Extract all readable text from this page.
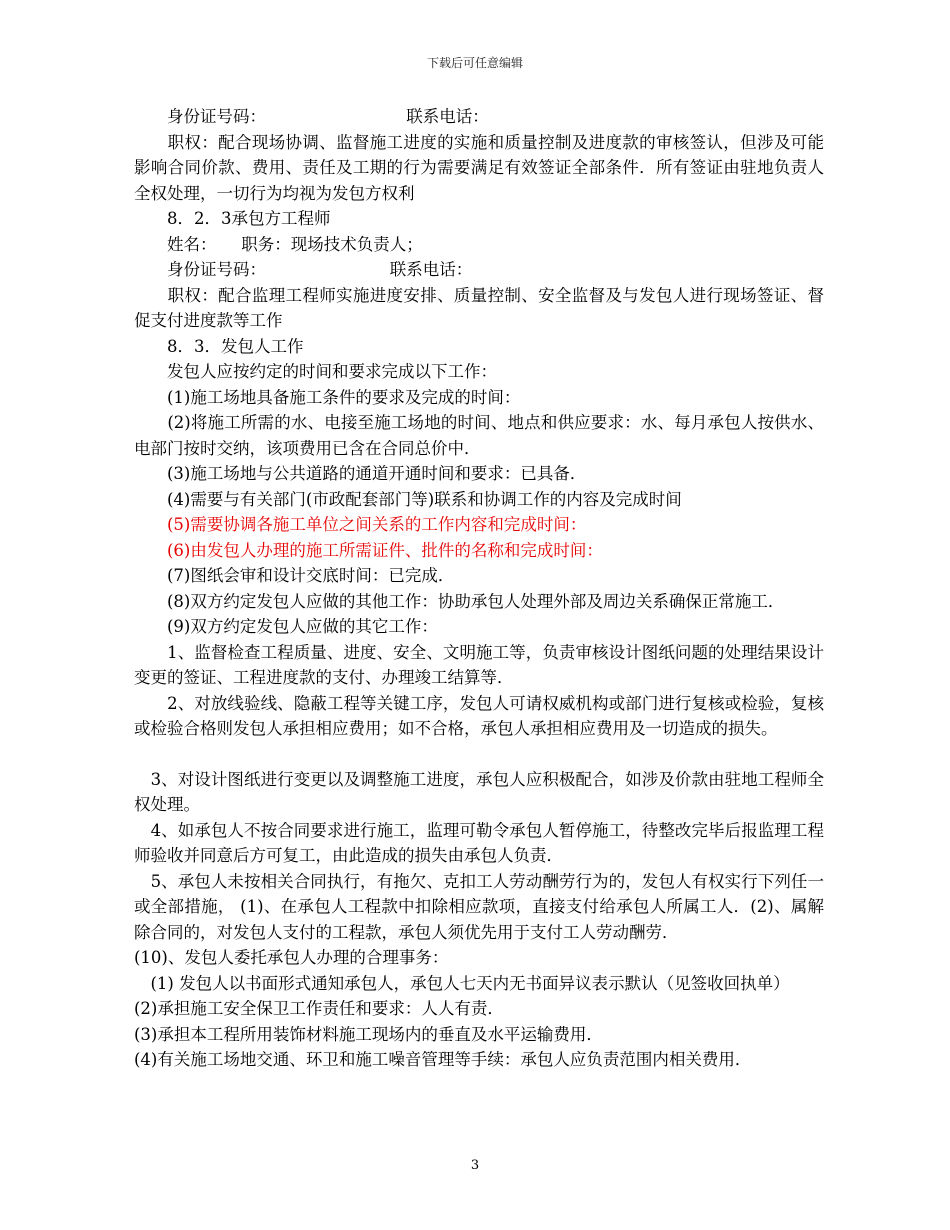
下载后可任意编辑

　　身份证号码：　　　　　　　　　联系电话：

　　职权：配合现场协调、监督施工进度的实施和质量控制及进度款的审核签认，但涉及可能影响合同价款、费用、责任及工期的行为需要满足有效签证全部条件．所有签证由驻地负责人全权处理，一切行为均视为发包方权利

　　8．2．3承包方工程师

　　姓名：　　职务：现场技术负责人；

　　身份证号码：　　　　　　　　联系电话：

　　职权：配合监理工程师实施进度安排、质量控制、安全监督及与发包人进行现场签证、督促支付进度款等工作

　　8．3．发包人工作

　　发包人应按约定的时间和要求完成以下工作：

　　(1)施工场地具备施工条件的要求及完成的时间：

　　(2)将施工所需的水、电接至施工场地的时间、地点和供应要求：水、每月承包人按供水、电部门按时交纳，该项费用已含在合同总价中．

　　(3)施工场地与公共道路的通道开通时间和要求：已具备．

　　(4)需要与有关部门(市政配套部门等)联系和协调工作的内容及完成时间

　　(5)需要协调各施工单位之间关系的工作内容和完成时间：

　　(6)由发包人办理的施工所需证件、批件的名称和完成时间：

　　(7)图纸会审和设计交底时间：已完成．

　　(8)双方约定发包人应做的其他工作：协助承包人处理外部及周边关系确保正常施工．

　　(9)双方约定发包人应做的其它工作：

　　1、监督检查工程质量、进度、安全、文明施工等，负责审核设计图纸问题的处理结果设计变更的签证、工程进度款的支付、办理竣工结算等．

　　2、对放线验线、隐蔽工程等关键工序，发包人可请权威机构或部门进行复核或检验，复核或检验合格则发包人承担相应费用；如不合格，承包人承担相应费用及一切造成的损失。

　3、对设计图纸进行变更以及调整施工进度，承包人应积极配合，如涉及价款由驻地工程师全权处理。

　4、如承包人不按合同要求进行施工，监理可勒令承包人暂停施工，待整改完毕后报监理工程师验收并同意后方可复工，由此造成的损失由承包人负责．

　5、承包人未按相关合同执行，有拖欠、克扣工人劳动酬劳行为的，发包人有权实行下列任一或全部措施， (1)、在承包人工程款中扣除相应款项，直接支付给承包人所属工人．(2)、属解除合同的，对发包人支付的工程款，承包人须优先用于支付工人劳动酬劳．

(10)、发包人委托承包人办理的合理事务：

　(1) 发包人以书面形式通知承包人，承包人七天内无书面异议表示默认（见签收回执单）

(2)承担施工安全保卫工作责任和要求：人人有责．

(3)承担本工程所用装饰材料施工现场内的垂直及水平运输费用．

(4)有关施工场地交通、环卫和施工噪音管理等手续：承包人应负责范围内相关费用．

3
